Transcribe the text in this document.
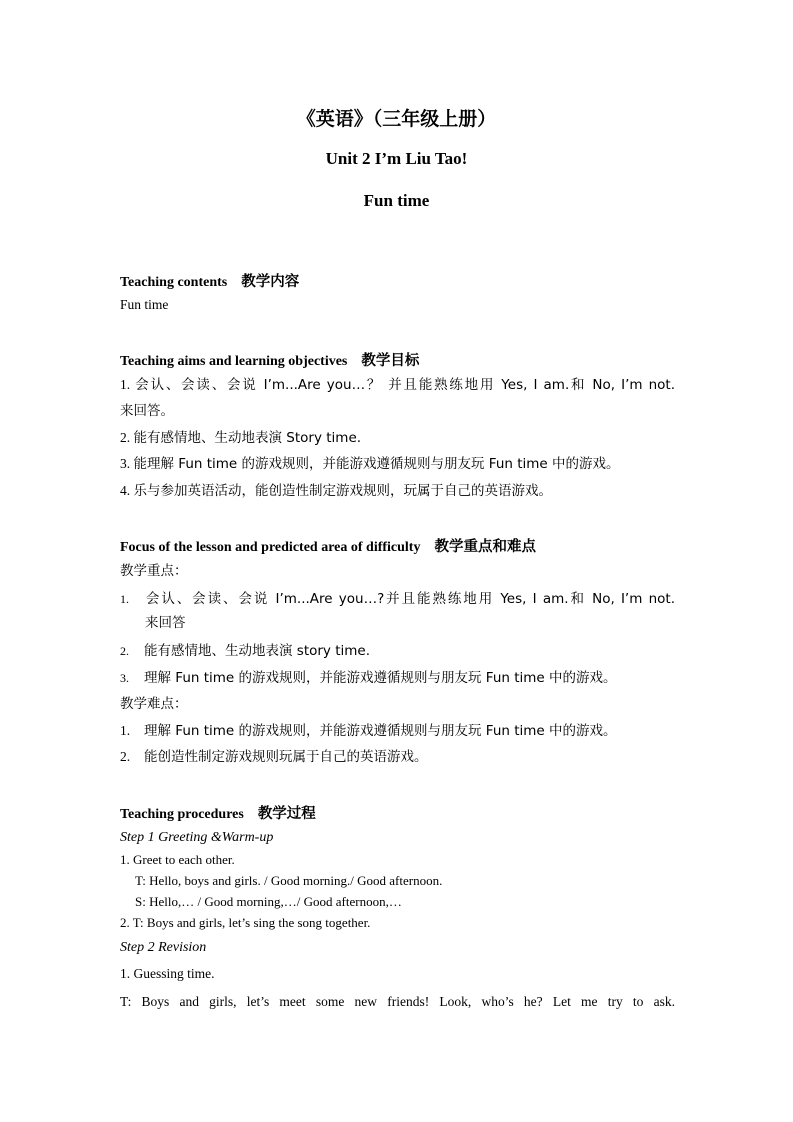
《英语》（三年级上册）
Unit 2 I’m Liu Tao!
Fun time
Teaching contents 教学内容
Fun time
Teaching aims and learning objectives 教学目标
1. 会认、会读、会说 I’m...Are you…？ 并且能熟练地用 Yes, I am.和 No, I’m not.
来回答。
2. 能有感情地、生动地表演 Story time.
3. 能理解 Fun time 的游戏规则，并能游戏遵循规则与朋友玩 Fun time 中的游戏。
4. 乐与参加英语活动，能创造性制定游戏规则，玩属于自己的英语游戏。
Focus of the lesson and predicted area of difficulty 教学重点和难点
教学重点：
1. 会认、会读、会说 I’m...Are you…?并且能熟练地用 Yes, I am.和 No, I’m not.
来回答
2. 能有感情地、生动地表演 story time.
3. 理解 Fun time 的游戏规则，并能游戏遵循规则与朋友玩 Fun time 中的游戏。
教学难点：
1. 理解 Fun time 的游戏规则，并能游戏遵循规则与朋友玩 Fun time 中的游戏。
2. 能创造性制定游戏规则玩属于自己的英语游戏。
Teaching procedures 教学过程
Step 1 Greeting &Warm-up
1. Greet to each other.
T: Hello, boys and girls. / Good morning./ Good afternoon.
S: Hello,… / Good morning,…/ Good afternoon,…
2. T: Boys and girls, let’s sing the song together.
Step 2 Revision
1. Guessing time.
T: Boys and girls, let’s meet some new friends! Look, who’s he? Let me try to ask.
